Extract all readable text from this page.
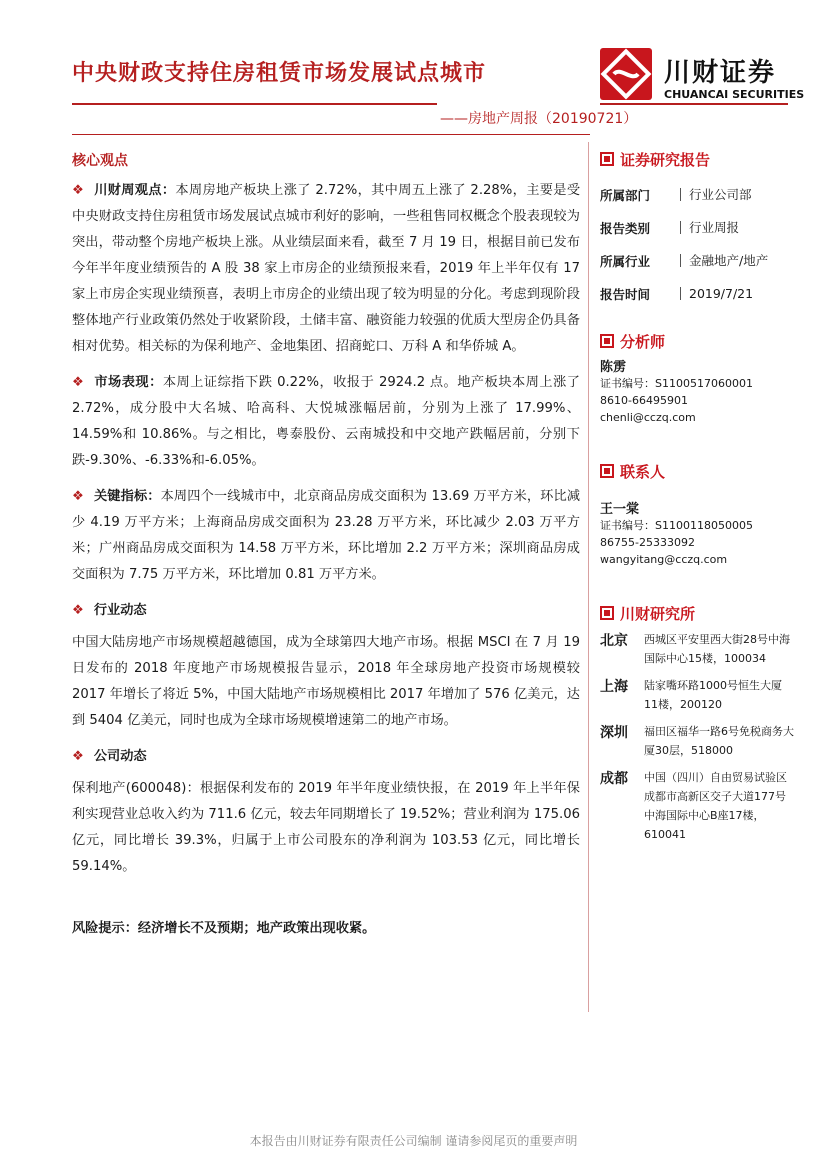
中央财政支持住房租赁市场发展试点城市
——房地产周报（20190721）
川财证券
CHUANCAI SECURITIES
核心观点
❖ 川财周观点：本周房地产板块上涨了 2.72%，其中周五上涨了 2.28%，主要是受中央财政支持住房租赁市场发展试点城市利好的影响，一些租售同权概念个股表现较为突出，带动整个房地产板块上涨。从业绩层面来看，截至 7 月 19 日，根据目前已发布今年半年度业绩预告的 A 股 38 家上市房企的业绩预报来看，2019 年上半年仅有 17 家上市房企实现业绩预喜，表明上市房企的业绩出现了较为明显的分化。考虑到现阶段整体地产行业政策仍然处于收紧阶段，土储丰富、融资能力较强的优质大型房企仍具备相对优势。相关标的为保利地产、金地集团、招商蛇口、万科 A 和华侨城 A。
❖ 市场表现：本周上证综指下跌 0.22%，收报于 2924.2 点。地产板块本周上涨了 2.72%，成分股中大名城、哈高科、大悦城涨幅居前，分别为上涨了 17.99%、14.59%和 10.86%。与之相比，粤泰股份、云南城投和中交地产跌幅居前，分别下跌-9.30%、-6.33%和-6.05%。
❖ 关键指标：本周四个一线城市中，北京商品房成交面积为 13.69 万平方米，环比减少 4.19 万平方米；上海商品房成交面积为 23.28 万平方米，环比减少 2.03 万平方米；广州商品房成交面积为 14.58 万平方米，环比增加 2.2 万平方米；深圳商品房成交面积为 7.75 万平方米，环比增加 0.81 万平方米。
❖ 行业动态
中国大陆房地产市场规模超越德国，成为全球第四大地产市场。根据 MSCI 在 7 月 19 日发布的 2018 年度地产市场规模报告显示，2018 年全球房地产投资市场规模较 2017 年增长了将近 5%，中国大陆地产市场规模相比 2017 年增加了 576 亿美元，达到 5404 亿美元，同时也成为全球市场规模增速第二的地产市场。
❖ 公司动态
保利地产(600048)：根据保利发布的 2019 年半年度业绩快报，在 2019 年上半年保利实现营业总收入约为 711.6 亿元，较去年同期增长了 19.52%；营业利润为 175.06 亿元，同比增长 39.3%，归属于上市公司股东的净利润为 103.53 亿元，同比增长 59.14%。
风险提示：经济增长不及预期；地产政策出现收紧。
证券研究报告
所属部门	行业公司部
报告类别	行业周报
所属行业	金融地产/地产
报告时间	2019/7/21
分析师
陈雳
证书编号：S1100517060001
8610-66495901
chenli@cczq.com
联系人
王一棠
证书编号：S1100118050005
86755-25333092
wangyitang@cczq.com
川财研究所
北京	西城区平安里西大街28号中海国际中心15楼，100034
上海	陆家嘴环路1000号恒生大厦11楼，200120
深圳	福田区福华一路6号免税商务大厦30层，518000
成都	中国（四川）自由贸易试验区成都市高新区交子大道177号中海国际中心B座17楼，610041
本报告由川财证券有限责任公司编制 谨请参阅尾页的重要声明
